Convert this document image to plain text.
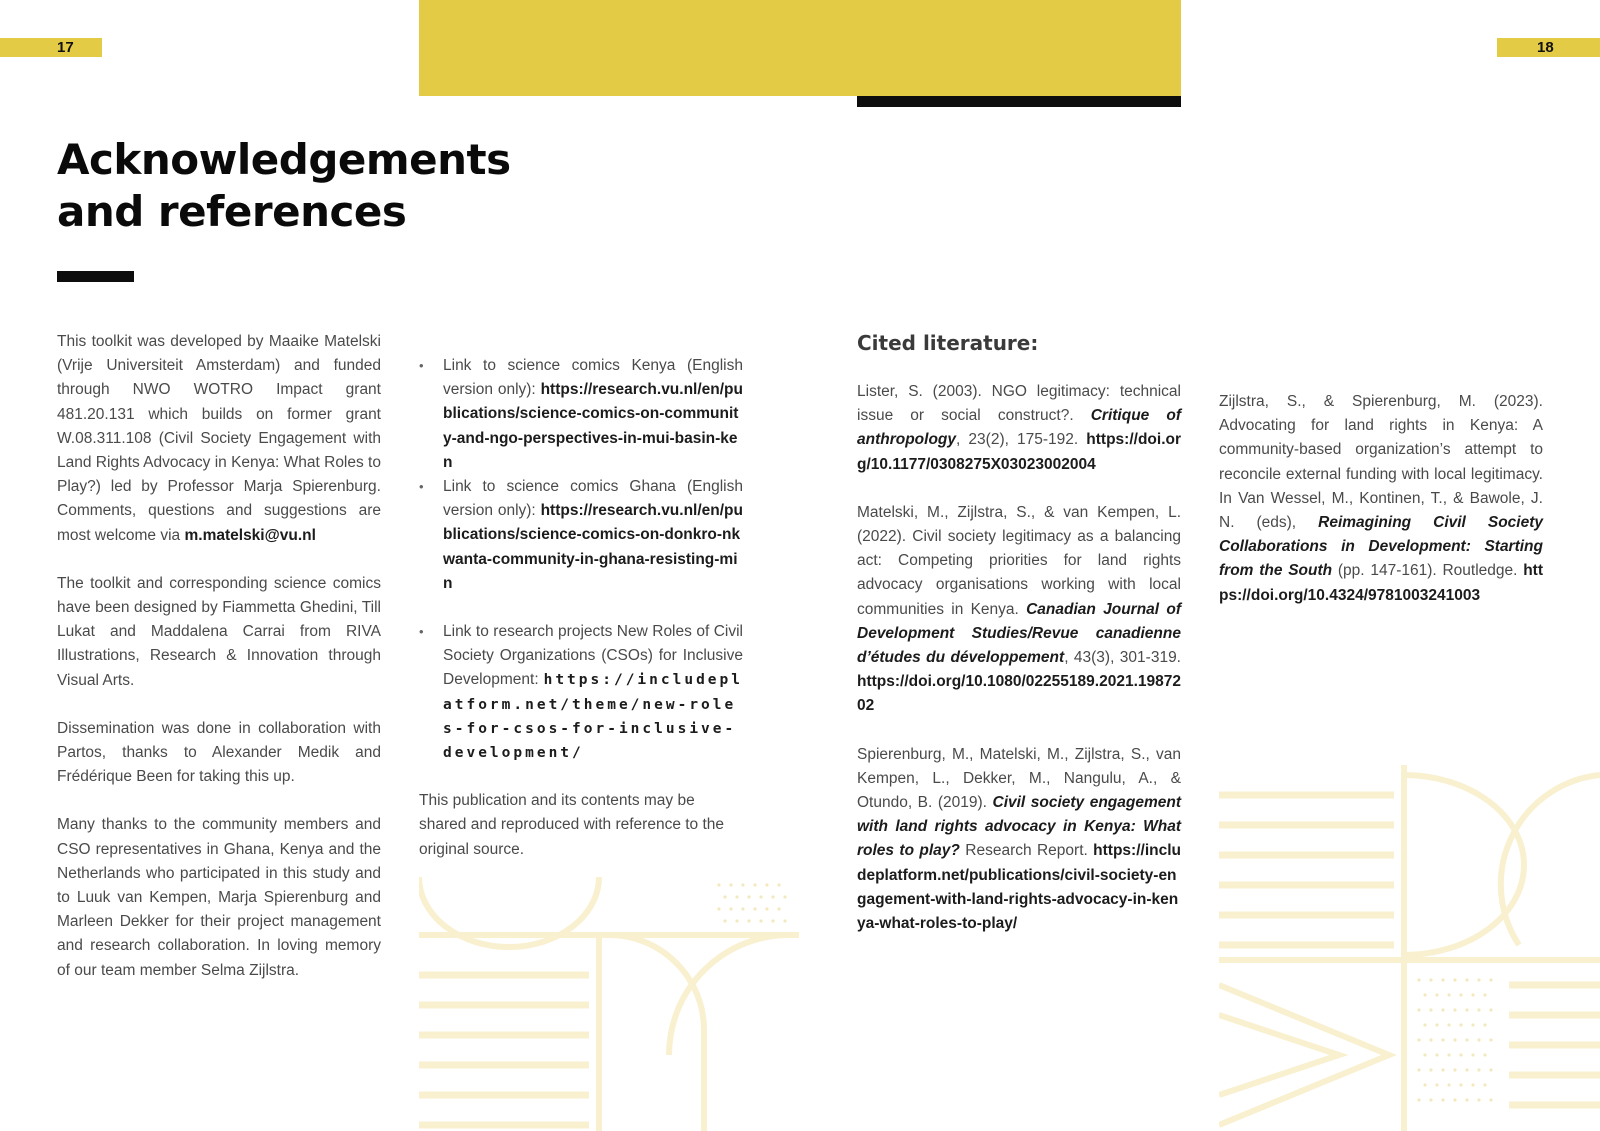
17	18
Acknowledgements
and references

This toolkit was developed by Maaike Matelski (Vrije Universiteit Amsterdam) and funded through NWO WOTRO Impact grant 481.20.131 which builds on former grant W.08.311.108 (Civil Society Engagement with Land Rights Advocacy in Kenya: What Roles to Play?) led by Professor Marja Spierenburg. Comments, questions and suggestions are most welcome via m.matelski@vu.nl

The toolkit and corresponding science comics have been designed by Fiammetta Ghedini, Till Lukat and Maddalena Carrai from RIVA Illustrations, Research & Innovation through Visual Arts.

Dissemination was done in collaboration with Partos, thanks to Alexander Medik and Frédérique Been for taking this up.

Many thanks to the community members and CSO representatives in Ghana, Kenya and the Netherlands who participated in this study and to Luuk van Kempen, Marja Spierenburg and Marleen Dekker for their project management and research collaboration. In loving memory of our team member Selma Zijlstra.

• Link to science comics Kenya (English version only): https://research.vu.nl/en/publications/science-comics-on-community-and-ngo-perspectives-in-mui-basin-ken
• Link to science comics Ghana (English version only): https://research.vu.nl/en/publications/science-comics-on-donkro-nkwanta-community-in-ghana-resisting-min
• Link to research projects New Roles of Civil Society Organizations (CSOs) for Inclusive Development: https://includeplatform.net/theme/new-roles-for-csos-for-inclusive-development/

This publication and its contents may be shared and reproduced with reference to the original source.

Cited literature:

Lister, S. (2003). NGO legitimacy: technical issue or social construct?. Critique of anthropology, 23(2), 175-192. https://doi.org/10.1177/0308275X03023002004

Matelski, M., Zijlstra, S., & van Kempen, L. (2022). Civil society legitimacy as a balancing act: Competing priorities for land rights advocacy organisations working with local communities in Kenya. Canadian Journal of Development Studies/Revue canadienne d’études du développement, 43(3), 301-319. https://doi.org/10.1080/02255189.2021.1987202

Spierenburg, M., Matelski, M., Zijlstra, S., van Kempen, L., Dekker, M., Nangulu, A., & Otundo, B. (2019). Civil society engagement with land rights advocacy in Kenya: What roles to play? Research Report. https://includeplatform.net/publications/civil-society-engagement-with-land-rights-advocacy-in-kenya-what-roles-to-play/

Zijlstra, S., & Spierenburg, M. (2023). Advocating for land rights in Kenya: A community-based organization’s attempt to reconcile external funding with local legitimacy. In Van Wessel, M., Kontinen, T., & Bawole, J. N. (eds), Reimagining Civil Society Collaborations in Development: Starting from the South (pp. 147-161). Routledge. https://doi.org/10.4324/9781003241003
